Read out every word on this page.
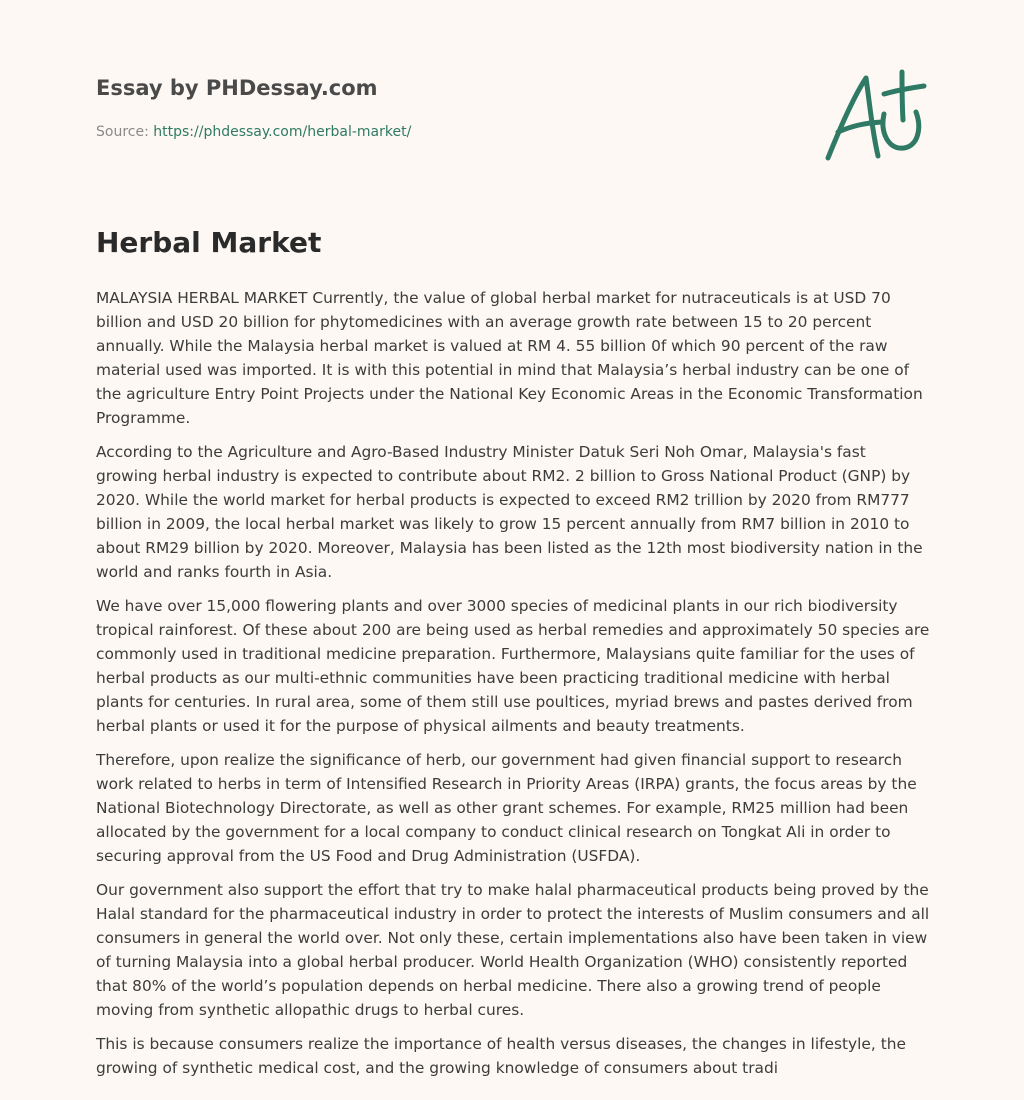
Essay by PHDessay.com
Source: https://phdessay.com/herbal-market/
Herbal Market

MALAYSIA HERBAL MARKET Currently, the value of global herbal market for nutraceuticals is at USD 70 billion and USD 20 billion for phytomedicines with an average growth rate between 15 to 20 percent annually. While the Malaysia herbal market is valued at RM 4. 55 billion 0f which 90 percent of the raw material used was imported. It is with this potential in mind that Malaysia’s herbal industry can be one of the agriculture Entry Point Projects under the National Key Economic Areas in the Economic Transformation Programme.

According to the Agriculture and Agro-Based Industry Minister Datuk Seri Noh Omar, Malaysia's fast growing herbal industry is expected to contribute about RM2. 2 billion to Gross National Product (GNP) by 2020. While the world market for herbal products is expected to exceed RM2 trillion by 2020 from RM777 billion in 2009, the local herbal market was likely to grow 15 percent annually from RM7 billion in 2010 to about RM29 billion by 2020. Moreover, Malaysia has been listed as the 12th most biodiversity nation in the world and ranks fourth in Asia.

We have over 15,000 flowering plants and over 3000 species of medicinal plants in our rich biodiversity tropical rainforest. Of these about 200 are being used as herbal remedies and approximately 50 species are commonly used in traditional medicine preparation. Furthermore, Malaysians quite familiar for the uses of herbal products as our multi-ethnic communities have been practicing traditional medicine with herbal plants for centuries. In rural area, some of them still use poultices, myriad brews and pastes derived from herbal plants or used it for the purpose of physical ailments and beauty treatments.

Therefore, upon realize the significance of herb, our government had given financial support to research work related to herbs in term of Intensified Research in Priority Areas (IRPA) grants, the focus areas by the National Biotechnology Directorate, as well as other grant schemes. For example, RM25 million had been allocated by the government for a local company to conduct clinical research on Tongkat Ali in order to securing approval from the US Food and Drug Administration (USFDA).

Our government also support the effort that try to make halal pharmaceutical products being proved by the Halal standard for the pharmaceutical industry in order to protect the interests of Muslim consumers and all consumers in general the world over. Not only these, certain implementations also have been taken in view of turning Malaysia into a global herbal producer. World Health Organization (WHO) consistently reported that 80% of the world’s population depends on herbal medicine. There also a growing trend of people moving from synthetic allopathic drugs to herbal cures.

This is because consumers realize the importance of health versus diseases, the changes in lifestyle, the growing of synthetic medical cost, and the growing knowledge of consumers about tradi
